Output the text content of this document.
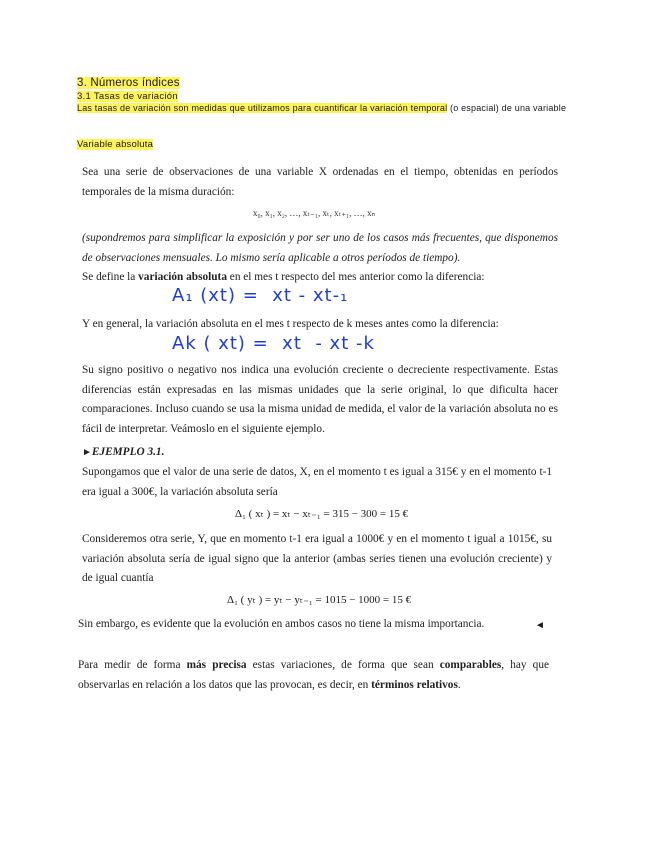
3. Números índices
3.1 Tasas de variación
Las tasas de variación son medidas que utilizamos para cuantificar la variación temporal (o espacial) de una variable
Variable absoluta
Sea una serie de observaciones de una variable X ordenadas en el tiempo, obtenidas en períodos temporales de la misma duración:
x₀, x₁, x₂, …, xₜ₋₁, xₜ, xₜ₊₁, …, xₙ
(supondremos para simplificar la exposición y por ser uno de los casos más frecuentes, que disponemos de observaciones mensuales. Lo mismo sería aplicable a otros períodos de tiempo).
Se define la variación absoluta en el mes t respecto del mes anterior como la diferencia:
A₁ (xt) =  xt - xt-₁
Y en general, la variación absoluta en el mes t respecto de k meses antes como la diferencia:
Ak ( xt) =  xt  - xt -k
Su signo positivo o negativo nos indica una evolución creciente o decreciente respectivamente. Estas diferencias están expresadas en las mismas unidades que la serie original, lo que dificulta hacer comparaciones. Incluso cuando se usa la misma unidad de medida, el valor de la variación absoluta no es fácil de interpretar. Veámoslo en el siguiente ejemplo.
►EJEMPLO 3.1.
Supongamos que el valor de una serie de datos, X, en el momento t es igual a 315€ y en el momento t-1 era igual a 300€, la variación absoluta sería
Δ₁ ( xₜ ) = xₜ − xₜ₋₁ = 315 − 300 = 15 €
Consideremos otra serie, Y, que en momento t-1 era igual a 1000€ y en el momento t igual a 1015€, su variación absoluta sería de igual signo que la anterior (ambas series tienen una evolución creciente) y de igual cuantía
Δ₁ ( yₜ ) = yₜ − yₜ₋₁ = 1015 − 1000 = 15 €
Sin embargo, es evidente que la evolución en ambos casos no tiene la misma importancia.	◄
Para medir de forma más precisa estas variaciones, de forma que sean comparables, hay que observarlas en relación a los datos que las provocan, es decir, en términos relativos.
